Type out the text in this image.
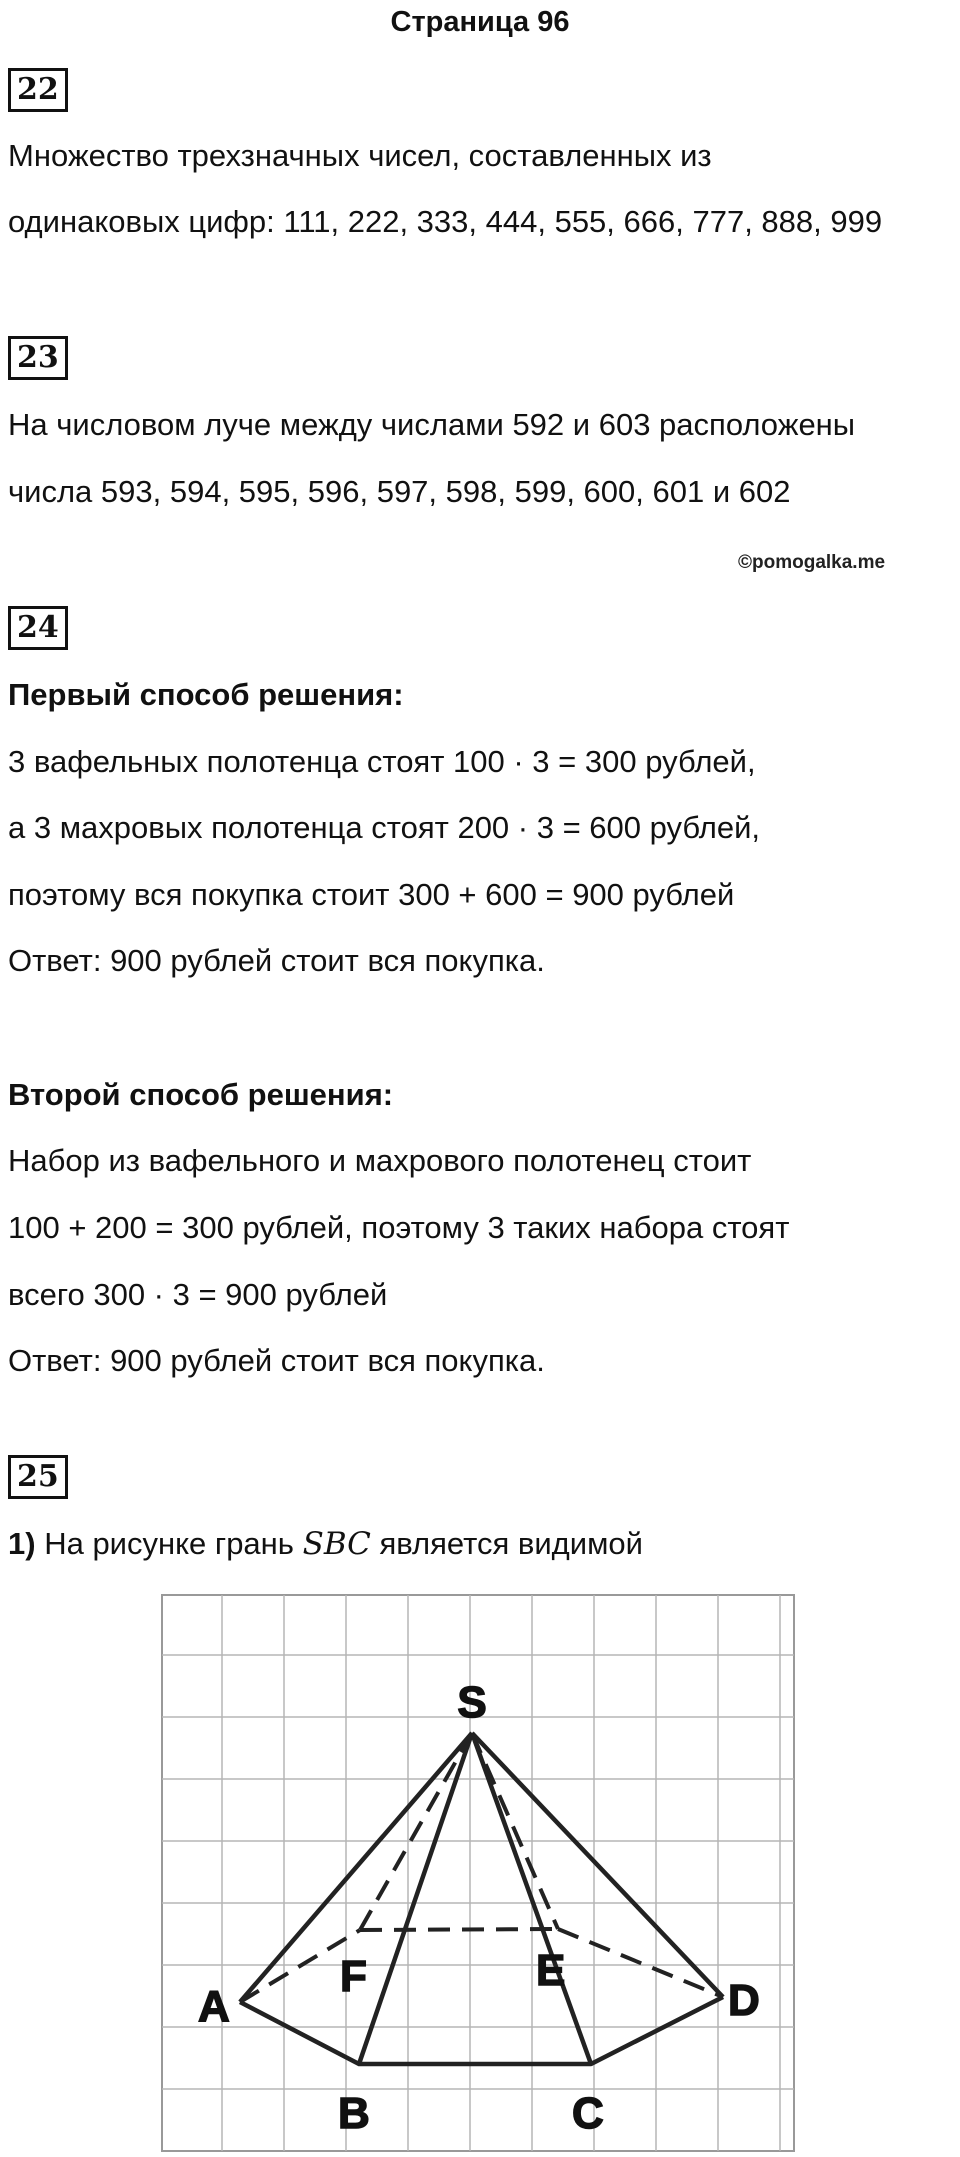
Страница 96
22
Множество трехзначных чисел, составленных из
одинаковых цифр: 111, 222, 333, 444, 555, 666, 777, 888, 999
23
На числовом луче между числами 592 и 603 расположены
числа 593, 594, 595, 596, 597, 598, 599, 600, 601 и 602
©pomogalka.me
24
Первый способ решения:
3 вафельных полотенца стоят 100 · 3 = 300 рублей,
а 3 махровых полотенца стоят 200 · 3 = 600 рублей,
поэтому вся покупка стоит 300 + 600 = 900 рублей
Ответ: 900 рублей стоит вся покупка.
Второй способ решения:
Набор из вафельного и махрового полотенец стоит
100 + 200 = 300 рублей, поэтому 3 таких набора стоят
всего 300 · 3 = 900 рублей
Ответ: 900 рублей стоит вся покупка.
25
1) На рисунке грань SBC является видимой
S
A
B	C
D
E
F
